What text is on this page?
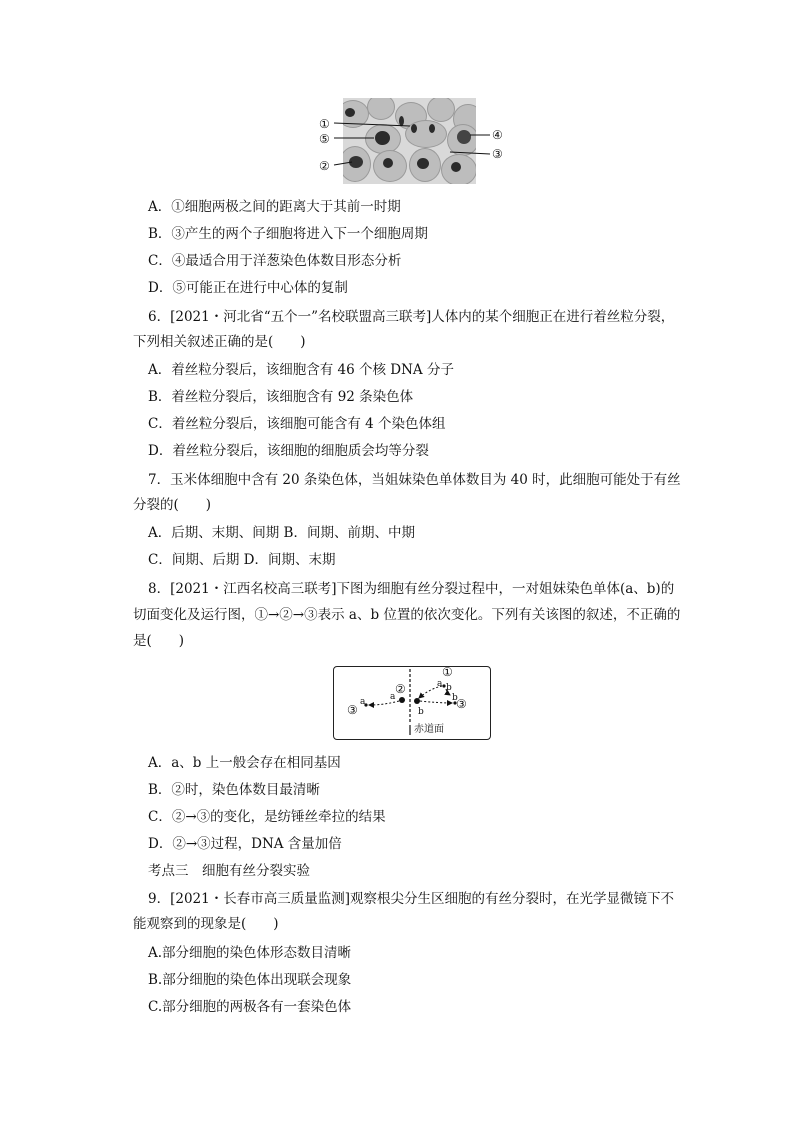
①
⑤
②
④
③
A．①细胞两极之间的距离大于其前一时期
B．③产生的两个子细胞将进入下一个细胞周期
C．④最适合用于洋葱染色体数目形态分析
D．⑤可能正在进行中心体的复制
6．[2021・河北省“五个一”名校联盟高三联考]人体内的某个细胞正在进行着丝粒分裂，
下列相关叙述正确的是(　　)
A．着丝粒分裂后，该细胞含有 46 个核 DNA 分子
B．着丝粒分裂后，该细胞含有 92 条染色体
C．着丝粒分裂后，该细胞可能含有 4 个染色体组
D．着丝粒分裂后，该细胞的细胞质会均等分裂
7．玉米体细胞中含有 20 条染色体，当姐妹染色单体数目为 40 时，此细胞可能处于有丝
分裂的(　　)
A．后期、末期、间期 B．间期、前期、中期
C．间期、后期 D．间期、末期
8．[2021・江西名校高三联考]下图为细胞有丝分裂过程中，一对姐妹染色单体(a、b)的
切面变化及运行图，①→②→③表示 a、b 位置的依次变化。下列有关该图的叙述，不正确的
是(　　)
①
②
③	③
a	a
a b
b
b
赤道面
A．a、b 上一般会存在相同基因
B．②时，染色体数目最清晰
C．②→③的变化，是纺锤丝牵拉的结果
D．②→③过程，DNA 含量加倍
考点三　细胞有丝分裂实验
9．[2021・长春市高三质量监测]观察根尖分生区细胞的有丝分裂时，在光学显微镜下不
能观察到的现象是(　　)
A.部分细胞的染色体形态数目清晰
B.部分细胞的染色体出现联会现象
C.部分细胞的两极各有一套染色体
